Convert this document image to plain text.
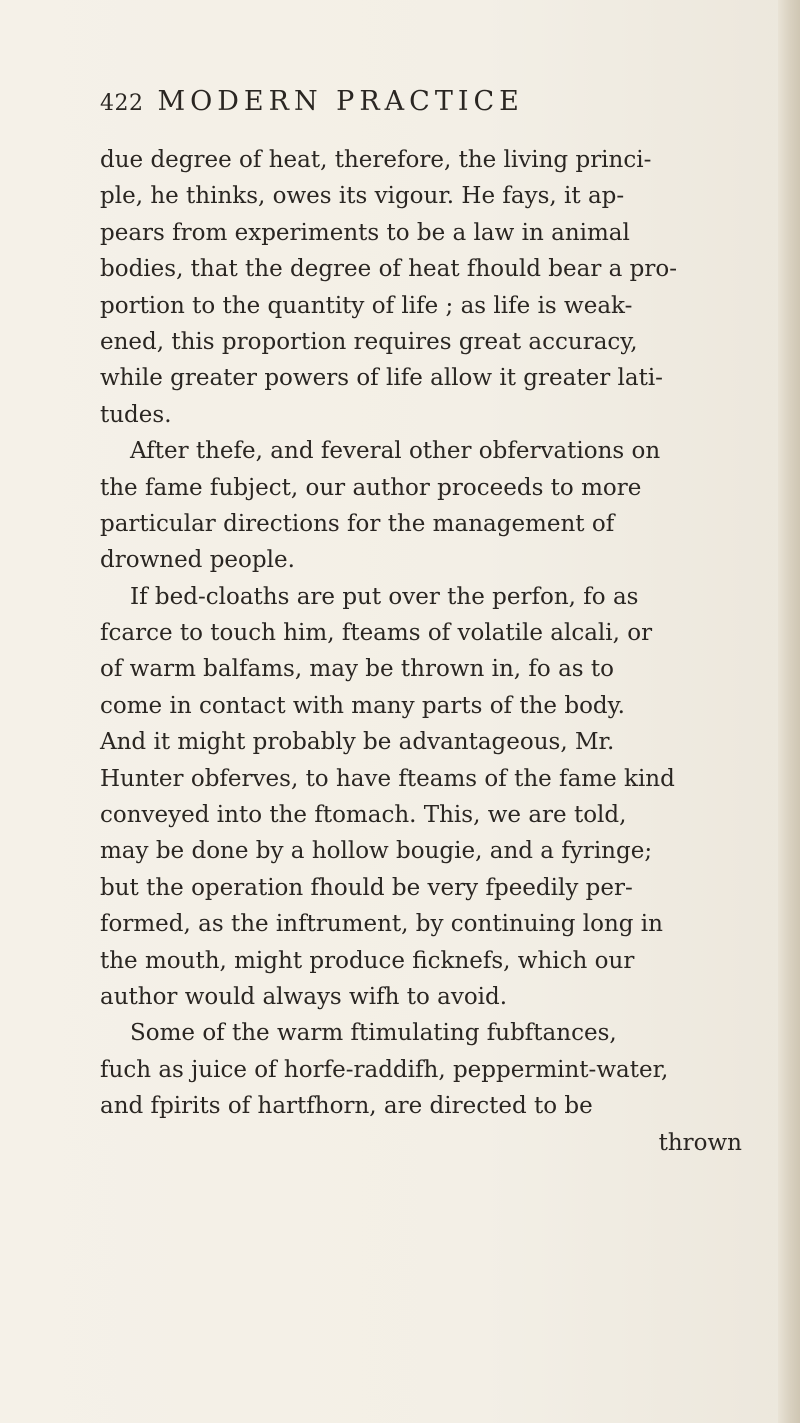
422 MODERN PRACTICE
due degree of heat, therefore, the living princi-
ple, he thinks, owes its vigour. He fays, it ap-
pears from experiments to be a law in animal
bodies, that the degree of heat fhould bear a pro-
portion to the quantity of life ; as life is weak-
ened, this proportion requires great accuracy,
while greater powers of life allow it greater lati-
tudes.
After thefe, and feveral other obfervations on
the fame fubject, our author proceeds to more
particular directions for the management of
drowned people.
If bed-cloaths are put over the perfon, fo as
fcarce to touch him, fteams of volatile alcali, or
of warm balfams, may be thrown in, fo as to
come in contact with many parts of the body.
And it might probably be advantageous, Mr.
Hunter obferves, to have fteams of the fame kind
conveyed into the ftomach. This, we are told,
may be done by a hollow bougie, and a fyringe;
but the operation fhould be very fpeedily per-
formed, as the inftrument, by continuing long in
the mouth, might produce ficknefs, which our
author would always wifh to avoid.
Some of the warm ftimulating fubftances,
fuch as juice of horfe-raddifh, peppermint-water,
and fpirits of hartfhorn, are directed to be
thrown
